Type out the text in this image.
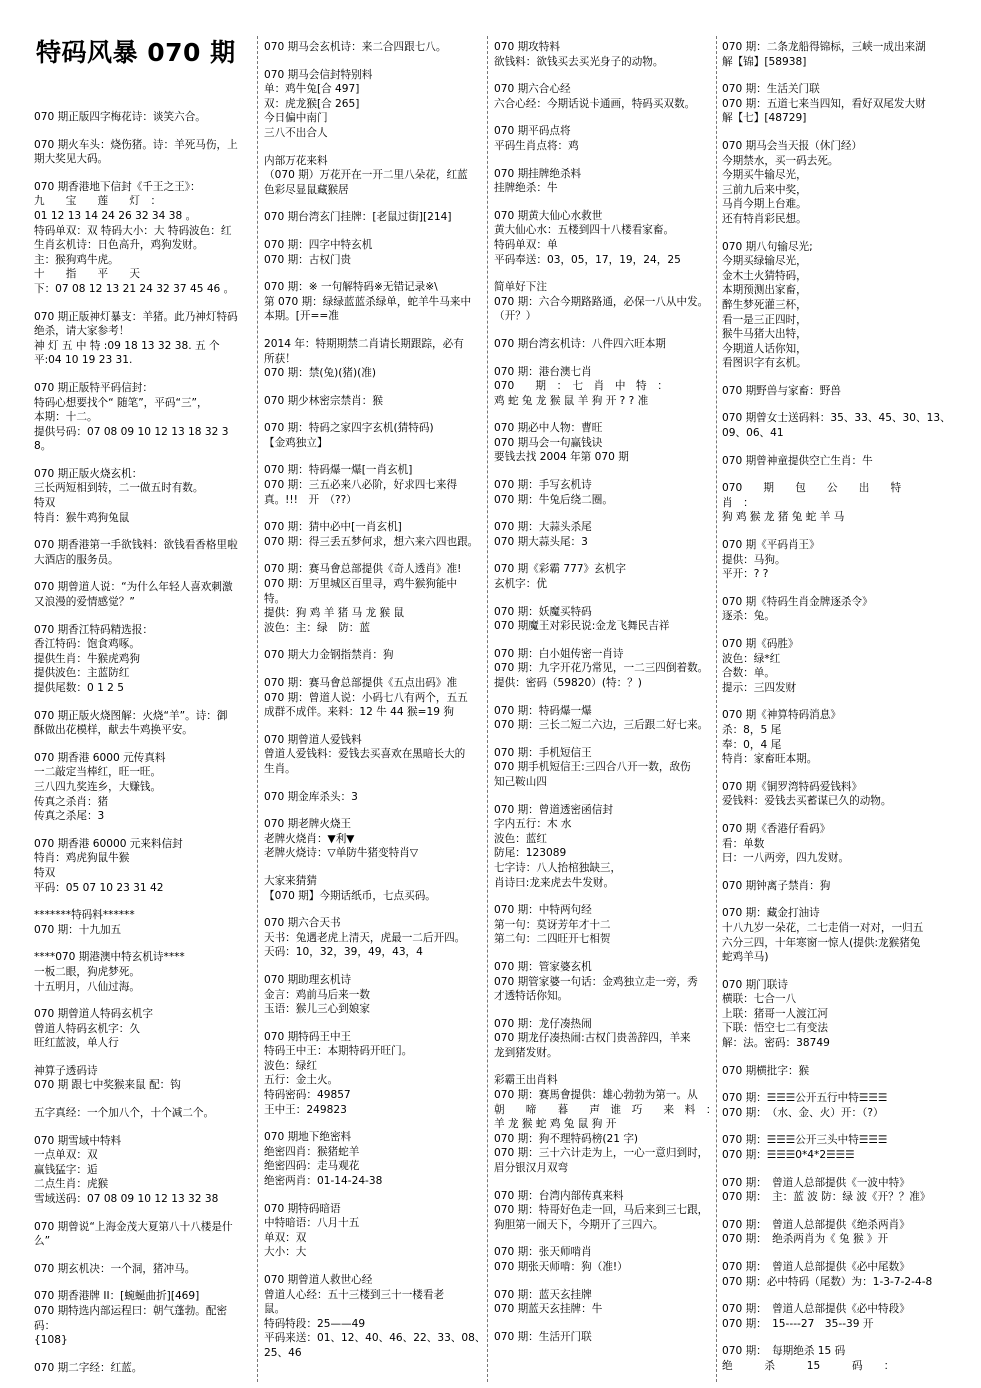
特码风暴 070 期
070 期正版四字梅花诗：谈笑六合。
070 期火车头：烧伤猪。诗：羊死马伤，上期大奖见大码。
070 期香港地下信封《千王之王》：
九　　宝　　莲　　灯　：
01 12 13 14 24 26 32 34 38 。
特码单双：双 特码大小：大 特码波色：红
生肖玄机诗：日色高升，鸡狗发财。
主：猴狗鸡牛虎。
十　　指　　平　　天
下：07 08 12 13 21 24 32 37 45 46 。
070 期正版神灯暴支：羊猪。此乃神灯特码
绝杀，请大家参考！
神 灯 五 中 特 :09 18 13 32 38. 五 个
平:04 10 19 23 31.
070 期正版特平码信封：
特码心想要找个“ 随笔”，平码“三”，
本期：十二。
提供号码：07 08 09 10 12 13 18 32 38。
070 期正版火烧玄机：
三长两短相到转，二一做五时有数。
特双
特肖：猴牛鸡狗兔鼠
070 期香港第一手欲钱料：欲钱看香格里啦
大酒店的服务员。
070 期曾道人说：“为什么年轻人喜欢刺激
又浪漫的爱情感觉？”
070 期香江特码精选报：
香江特码：饱食鸡啄。
提供生肖：牛猴虎鸡狗
提供波色：主蓝防红
提供尾数：0 1 2 5
070 期正版火烧图解：火烧“羊”。诗：御
酥做出花模样，献去牛鸡换平安。
070 期香港 6000 元传真料
一二敲定当棒红，旺一旺。
三八四九奖连乡，大赚钱。
传真之杀肖：猪
传真之杀尾：3
070 期香港 60000 元来料信封
特肖：鸡虎狗鼠牛猴
特双
平码：05 07 10 23 31 42
*******特码料******
070 期：十九加五
****070 期港澳中特玄机诗****
一板二眼，狗虎梦死。
十五明月，八仙过海。
070 期曾道人特码玄机字
曾道人特码玄机字：久
旺红蓝波，单人行
神算子透码诗
070 期 跟七中奖猴来鼠 配：钩
五字真经：一个加八个，十个减二个。
070 期雪域中特料
一点单双：双
赢钱猛字：逅
二点生肖：虎猴
雪域送码：07 08 09 10 12 13 32 38
070 期曾说“上海金茂大夏第八十八楼是什
么”
070 期玄机决：一个洞，猪冲马。
070 期香港牌 II：[蜿蜒曲折][469]
070 期特选内部运程曰：朝气蓬勃。配密码：
{108}
070 期二字经：红蓝。
070 期马会玄机诗：来二合四跟七八。
070 期马会信封特别料
单：鸡牛兔[合 497]
双：虎龙猴[合 265]
今日偏中南门
三八不出合人
内部万花来料
（070 期）万花开在一开二里八朵花，红蓝
色彩尽显鼠藏猴居
070 期台湾玄门挂牌：[老鼠过街][214]
070 期：四字中特玄机
070 期：古权门贵
070 期：※ 一句解特码※无错记录※\
第 070 期：绿绿蓝蓝杀绿单，蛇羊牛马来中
本期。[开==准
2014 年：特期期禁二肖请长期跟踪，必有
所获！
070 期：禁(兔)(猪)(准)
070 期少林密宗禁肖：猴
070 期：特码之家四字玄机(猜特码)
【金鸡独立】
070 期：特码爆一爆[一肖玄机]
070 期：三五必来八必阶，好求四七来得
真。!!!　开　（??）
070 期：猜中必中[一肖玄机]
070 期：得三丢五梦何求，想六来六四也跟。
070 期：赛马會总部提供《奇人透肖》准!
070 期：万里城区百里寻，鸡牛猴狗能中
特。
提供：狗 鸡 羊 猪 马 龙 猴 鼠
波色：主：绿　防：蓝
070 期大力金钢指禁肖：狗
070 期：赛马會总部提供《五点出码》准
070 期：曾道人说：小码七八有两个，五五
成群不成伴。来料：12 牛 44 猴=19 狗
070 期曾道人爱钱料
曾道人爱钱料：爱钱去买喜欢在黑暗长大的
生肖。
070 期金库杀头：3
070 期老牌火烧王
老牌火烧肖：▼利▼
老牌火烧诗：▽单防牛猪变特肖▽
大家来猜猜
【070 期】今期话纸币，七点买码。
070 期六合天书
天书：兔遇老虎上清天，虎最一二后开四。
天码：10，32，39，49，43，4
070 期助理玄机诗
金言：鸡前马后来一数
玉语：猴儿三心到娘家
070 期特码王中王
特码王中王：本期特码开旺门。
波色：绿红
五行：金土火。
特码密码：49857
王中王：249823
070 期地下绝密料
绝密四肖：猴猪蛇羊
绝密四码：走马观花
绝密两肖：01-14-24-38
070 期特码暗语
中特暗语：八月十五
单双：双
大小：大
070 期曾道人救世心经
曾道人心经：五十三楼到三十一楼看老
鼠。
特码特段：25——49
平码来送：01、12、40、46、22、33、08、
25、46
070 期攻特料
欲钱料：欲钱买去买光身子的动物。
070 期六合心经
六合心经：今期话说卡通画，特码买双数。
070 期平码点将
平码生肖点将：鸡
070 期挂牌绝杀料
挂牌绝杀：牛
070 期黄大仙心水救世
黄大仙心水：五楼到四十八楼看家畜。
特码单双：单
平码奉送：03，05，17，19，24，25
简单好下注
070 期：六合今期路路通，必保一八从中发。
（开？）
070 期台湾玄机诗：八件四六旺本期
070 期：港台澳七肖
070　　期　：　七　肖　中　特　：
鸡 蛇 兔 龙 猴 鼠 羊 狗 开 ? ? 准
070 期必中人物：曹旺
070 期马会一句赢钱诀
要钱去找 2004 年第 070 期
070 期：手写玄机诗
070 期：牛兔后绕二圈。
070 期：大蒜头杀尾
070 期大蒜头尾：3
070 期《彩霸 777》玄机字
玄机字：优
070 期：妖魔买特码
070 期魔王对彩民说:金龙飞舞民吉祥
070 期：白小姐传密一肖诗
070 期：九字开花乃常见，一二三四倒着数。
提供：密码（59820）(特：？)
070 期：特码爆一爆
070 期：三长二短二六边，三后跟二好七来。
070 期：手机短信王
070 期手机短信王:三四合八开一数，敌伤
知己鞍山四
070 期：曾道透密函信封
字内五行：木 水
波色：蓝红
防尾：123089
七字诗：八人抬棺独缺三，
肖诗曰:龙来虎去牛发财。
070 期：中特两句经
第一句：莫讶芳年才十二
第二句：二四旺开七相贺
070 期：管家婆玄机
070 期管家婆一句话：金鸡独立走一旁，秀
才透特话你知。
070 期：龙仔凑热闹
070 期龙仔凑热闹:古权门贵善辞四，羊来
龙到猪发财。
彩霸王出肖料
070 期：赛馬會提供：雄心勃勃为第一。从
朝　　啼　　暮　　声　谁　巧　　来　料　：
羊 龙 猴 蛇 鸡 兔 鼠 狗 开
070 期：狗不理特码榜(21 字)
070 期：三十六计走为上，一心一意归到时，
眉分银汉月双弯
070 期：台湾内部传真来料
070 期：特哥好色走一回，马后来到三七跟，
狗胆第一闹天下，今期开了三四六。
070 期：张天师啃肖
070 期张天师啃：狗（准!）
070 期：蓝天玄挂牌
070 期蓝天玄挂牌：牛
070 期：生活开门联
070 期：二条龙船得锦标，三峡一成出来湖
解【锦】[58938]
070 期：生活关门联
070 期：五道七来当四知，看好双尾发大财
解【七】[48729]
070 期马会当天报（休门经）
今期禁水，买一码去死。
今期买牛输尽光，
三前九后来中奖，
马肖今期上台难。
还有特肖彩民想。
070 期八句输尽光;
今期买绿输尽光，
金木土火猜特码，
本期预测出家畜，
醉生梦死灌三杯，
看一是三正四时，
猴牛马猪大出特，
今期道人话你知，
看图识字有玄机。
070 期野兽与家畜：野兽
070 期曾女士送码料：35、33、45、30、13、
09、06、41
070 期曾神童提供空亡生肖：牛
070　　期　　包　　公　　出　　特　　肖　：
狗 鸡 猴 龙 猪 兔 蛇 羊 马
070 期《平码肖王》
提供：马狗。
平开：? ?
070 期《特码生肖金牌逐杀令》
逐杀：兔。
070 期《码胜》
波色：绿*红
合数：单。
提示：三四发财
070 期《神算特码消息》
杀：8，5 尾
奉：0，4 尾
特肖：家畜旺本期。
070 期《铜罗湾特码爱钱料》
爱钱料：爱钱去买蓄谋已久的动物。
070 期《香港仔看码》
看：单数
曰：一八两旁，四九发财。
070 期钟离子禁肖：狗
070 期：藏金打油诗
十八九岁一朵花，二七走俏一对对，一归五
六分三四，十年寒窗一惊人(提供:龙猴猪兔
蛇鸡羊马)
070 期门联诗
横联：七合一八
上联：猪哥一人渡江河
下联：悟空七二有变法
解：法。密码：38749
070 期横批字：猴
070 期：☰☰☰公开五行中特☰☰☰
070 期：　（水、金、火）开：（?）
070 期：☰☰☰公开三头中特☰☰☰
070 期：☰☰☰0*4*2☰☰☰
070 期：　曾道人总部提供《一波中特》
070 期：　主：蓝 波 防：绿 波《开？？准》
070 期：　曾道人总部提供《绝杀两肖》
070 期：　绝杀两肖为《 兔 猴 》开
070 期：　曾道人总部提供《必中尾数》
070 期：必中特码（尾数）为：1-3-7-2-4-8
070 期：　曾道人总部提供《必中特段》
070 期：　15----27　35--39 开
070 期：　每期绝杀 15 码
绝　　　杀　　　15　　　码　　：
